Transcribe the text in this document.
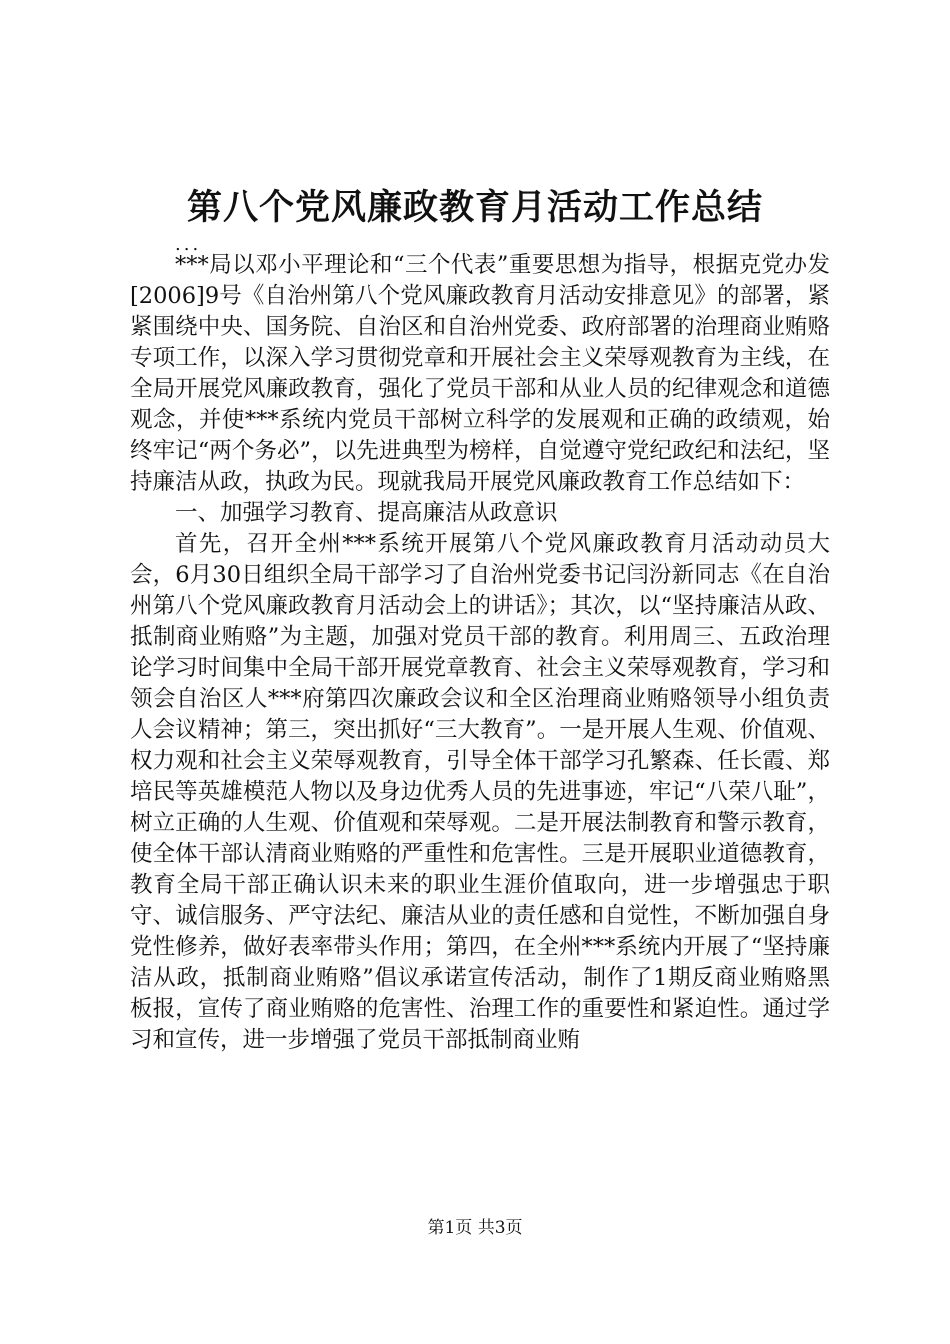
第八个党风廉政教育月活动工作总结

...

***局以邓小平理论和“三个代表”重要思想为指导，根据克党办发[2006]9号《自治州第八个党风廉政教育月活动安排意见》的部署，紧紧围绕中央、国务院、自治区和自治州党委、政府部署的治理商业贿赂专项工作，以深入学习贯彻党章和开展社会主义荣辱观教育为主线，在全局开展党风廉政教育，强化了党员干部和从业人员的纪律观念和道德观念，并使***系统内党员干部树立科学的发展观和正确的政绩观，始终牢记“两个务必”，以先进典型为榜样，自觉遵守党纪政纪和法纪，坚持廉洁从政，执政为民。现就我局开展党风廉政教育工作总结如下：

一、加强学习教育、提高廉洁从政意识

首先，召开全州***系统开展第八个党风廉政教育月活动动员大会，6月30日组织全局干部学习了自治州党委书记闫汾新同志《在自治州第八个党风廉政教育月活动会上的讲话》；其次，以“坚持廉洁从政、抵制商业贿赂”为主题，加强对党员干部的教育。利用周三、五政治理论学习时间集中全局干部开展党章教育、社会主义荣辱观教育，学习和领会自治区人***府第四次廉政会议和全区治理商业贿赂领导小组负责人会议精神；第三，突出抓好“三大教育”。一是开展人生观、价值观、权力观和社会主义荣辱观教育，引导全体干部学习孔繁森、任长霞、郑培民等英雄模范人物以及身边优秀人员的先进事迹，牢记“八荣八耻”，树立正确的人生观、价值观和荣辱观。二是开展法制教育和警示教育，使全体干部认清商业贿赂的严重性和危害性。三是开展职业道德教育，教育全局干部正确认识未来的职业生涯价值取向，进一步增强忠于职守、诚信服务、严守法纪、廉洁从业的责任感和自觉性，不断加强自身党性修养，做好表率带头作用；第四，在全州***系统内开展了“坚持廉洁从政，抵制商业贿赂”倡议承诺宣传活动，制作了1期反商业贿赂黑板报，宣传了商业贿赂的危害性、治理工作的重要性和紧迫性。通过学习和宣传，进一步增强了党员干部抵制商业贿

第1页 共3页
